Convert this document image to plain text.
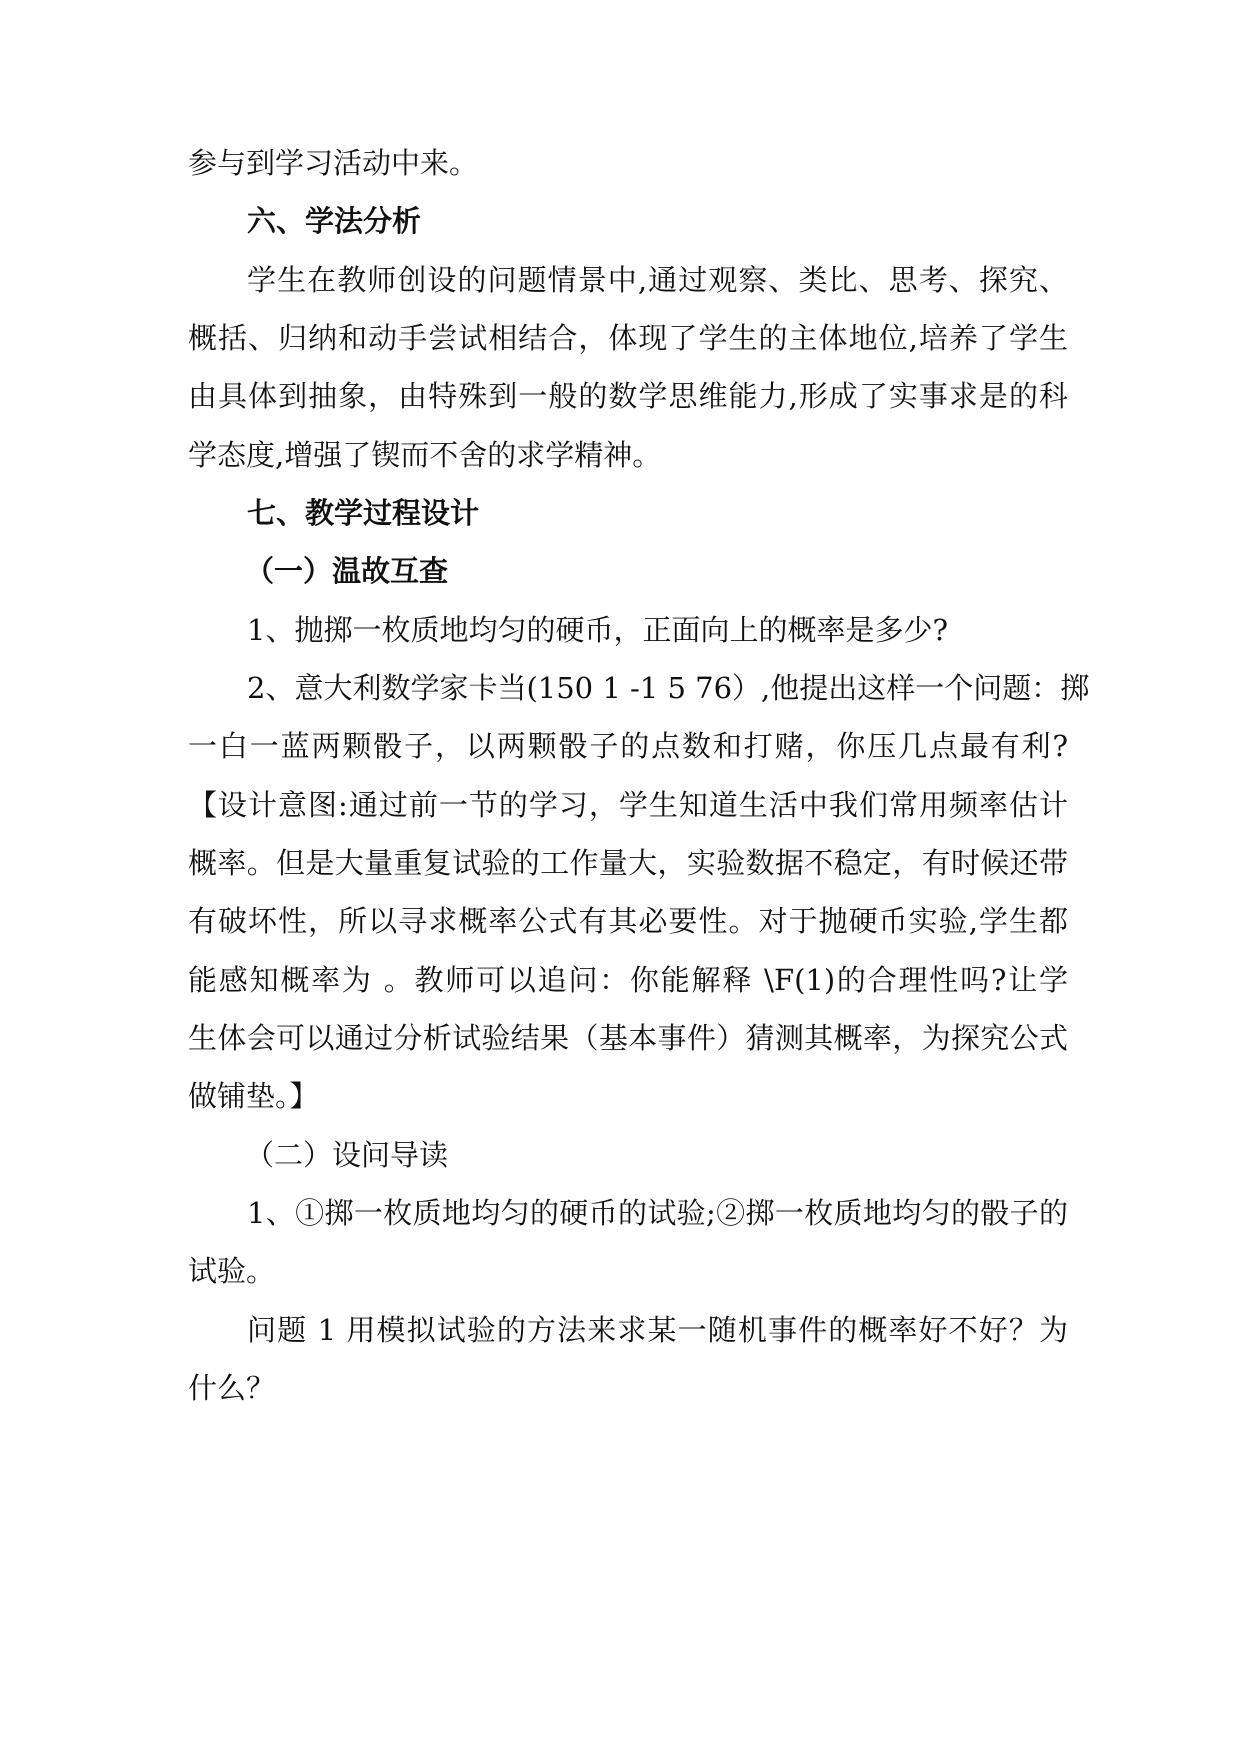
参与到学习活动中来。
六、学法分析
学生在教师创设的问题情景中,通过观察、类比、思考、探究、
概括、归纳和动手尝试相结合，体现了学生的主体地位,培养了学生
由具体到抽象，由特殊到一般的数学思维能力,形成了实事求是的科
学态度,增强了锲而不舍的求学精神。
七、教学过程设计
（一）温故互查
1、抛掷一枚质地均匀的硬币，正面向上的概率是多少?
2、意大利数学家卡当(150 1 -1 5 76）,他提出这样一个问题：掷
一白一蓝两颗骰子，以两颗骰子的点数和打赌，你压几点最有利?
【设计意图:通过前一节的学习，学生知道生活中我们常用频率估计
概率。但是大量重复试验的工作量大，实验数据不稳定，有时候还带
有破坏性，所以寻求概率公式有其必要性。对于抛硬币实验,学生都
能感知概率为 。教师可以追问：你能解释 \F(1)的合理性吗?让学
生体会可以通过分析试验结果（基本事件）猜测其概率，为探究公式
做铺垫。】
（二）设问导读
1、①掷一枚质地均匀的硬币的试验;②掷一枚质地均匀的骰子的
试验。
问题 1 用模拟试验的方法来求某一随机事件的概率好不好？为
什么？
